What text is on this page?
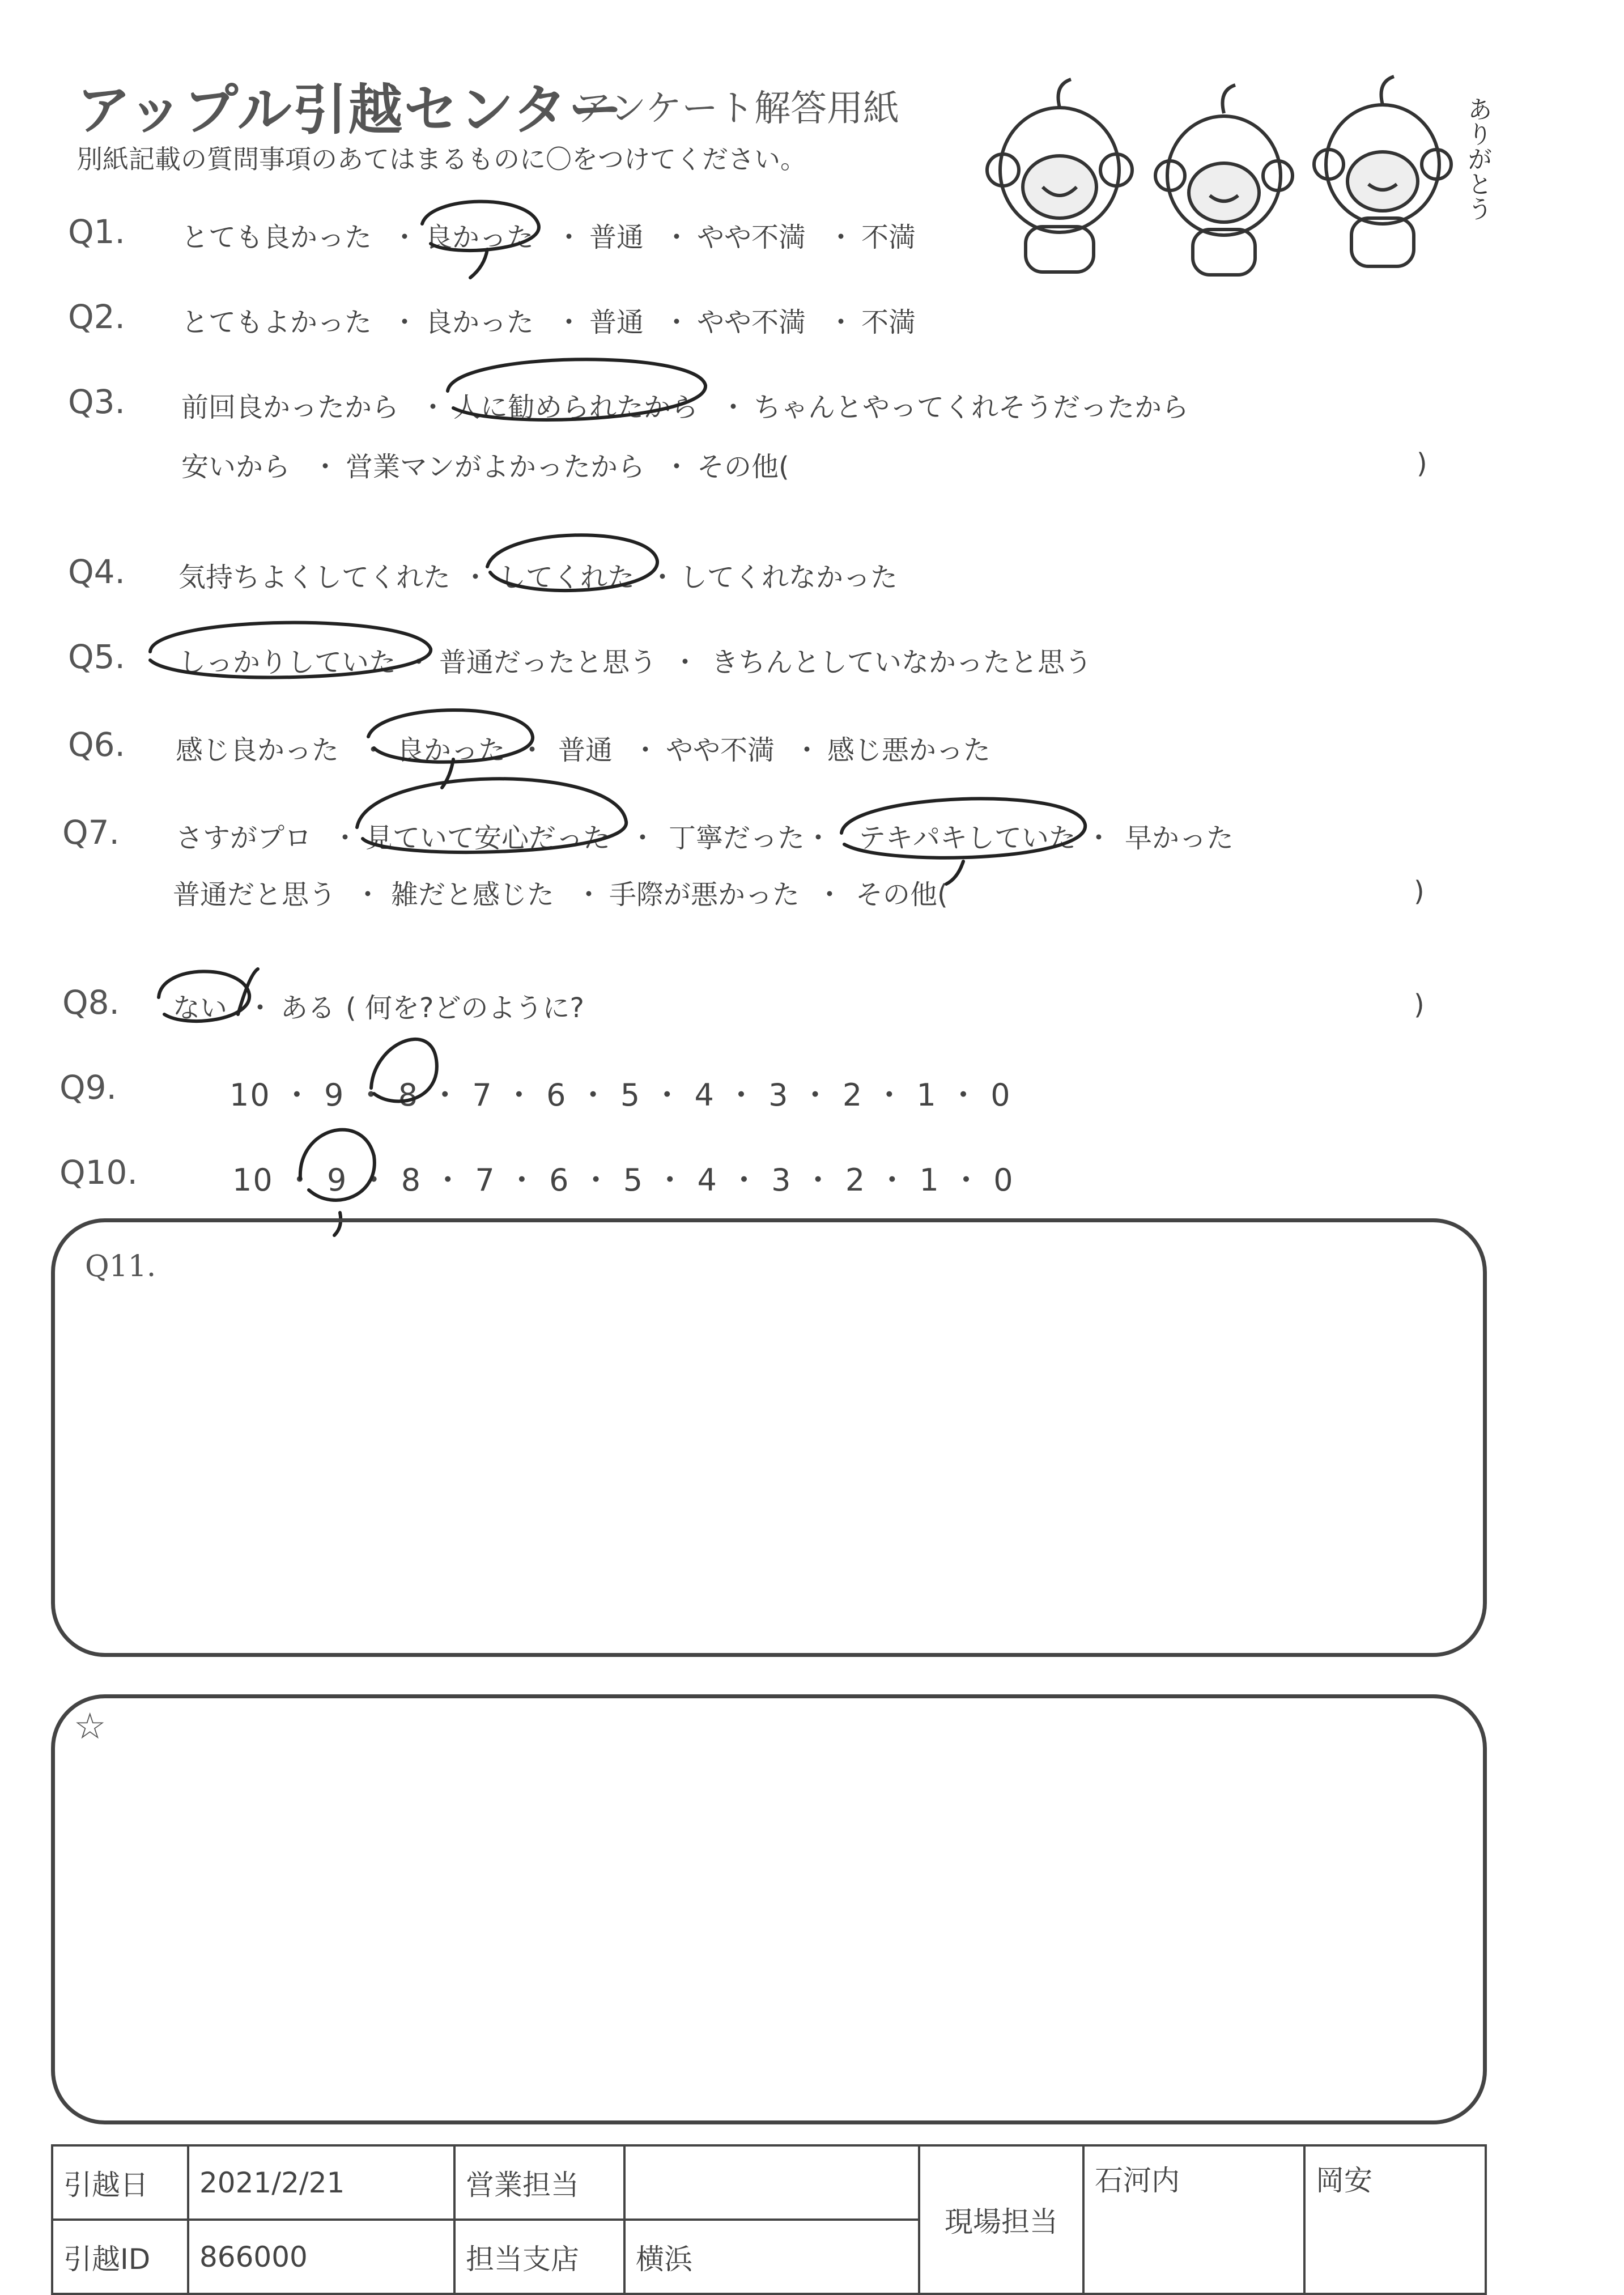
アップル引越センター
アンケート解答用紙
別紙記載の質問事項のあてはまるものに〇をつけてください。	ありがとう
Q1. とても良かった ・ 良かった ・ 普通 ・ やや不満 ・ 不満
Q2. とてもよかった ・ 良かった ・ 普通 ・ やや不満 ・ 不満
Q3. 前回良かったから ・ 人に勧められたから ・ ちゃんとやってくれそうだったから
安いから ・ 営業マンがよかったから ・ その他(	)
Q4. 気持ちよくしてくれた ・ してくれた ・ してくれなかった
Q5. しっかりしていた ・ 普通だったと思う ・ きちんとしていなかったと思う
Q6. 感じ良かった ・ 良かった ・ 普通 ・ やや不満 ・ 感じ悪かった
Q7. さすがプロ ・ 見ていて安心だった ・ 丁寧だった ・ テキパキしていた ・ 早かった
普通だと思う ・ 雑だと感じた ・ 手際が悪かった ・ その他(	)
Q8. ない ・ ある ( 何を?どのように?	)
Q9.	10 ・ 9 ・ 8 ・ 7 ・ 6 ・ 5 ・ 4 ・ 3 ・ 2 ・ 1 ・ 0
Q10.	10 ・ 9 ・ 8 ・ 7 ・ 6 ・ 5 ・ 4 ・ 3 ・ 2 ・ 1 ・ 0
Q11.
☆
引越日	2021/2/21	営業担当		現場担当	石河内	岡安
引越ID	866000	担当支店	横浜			
